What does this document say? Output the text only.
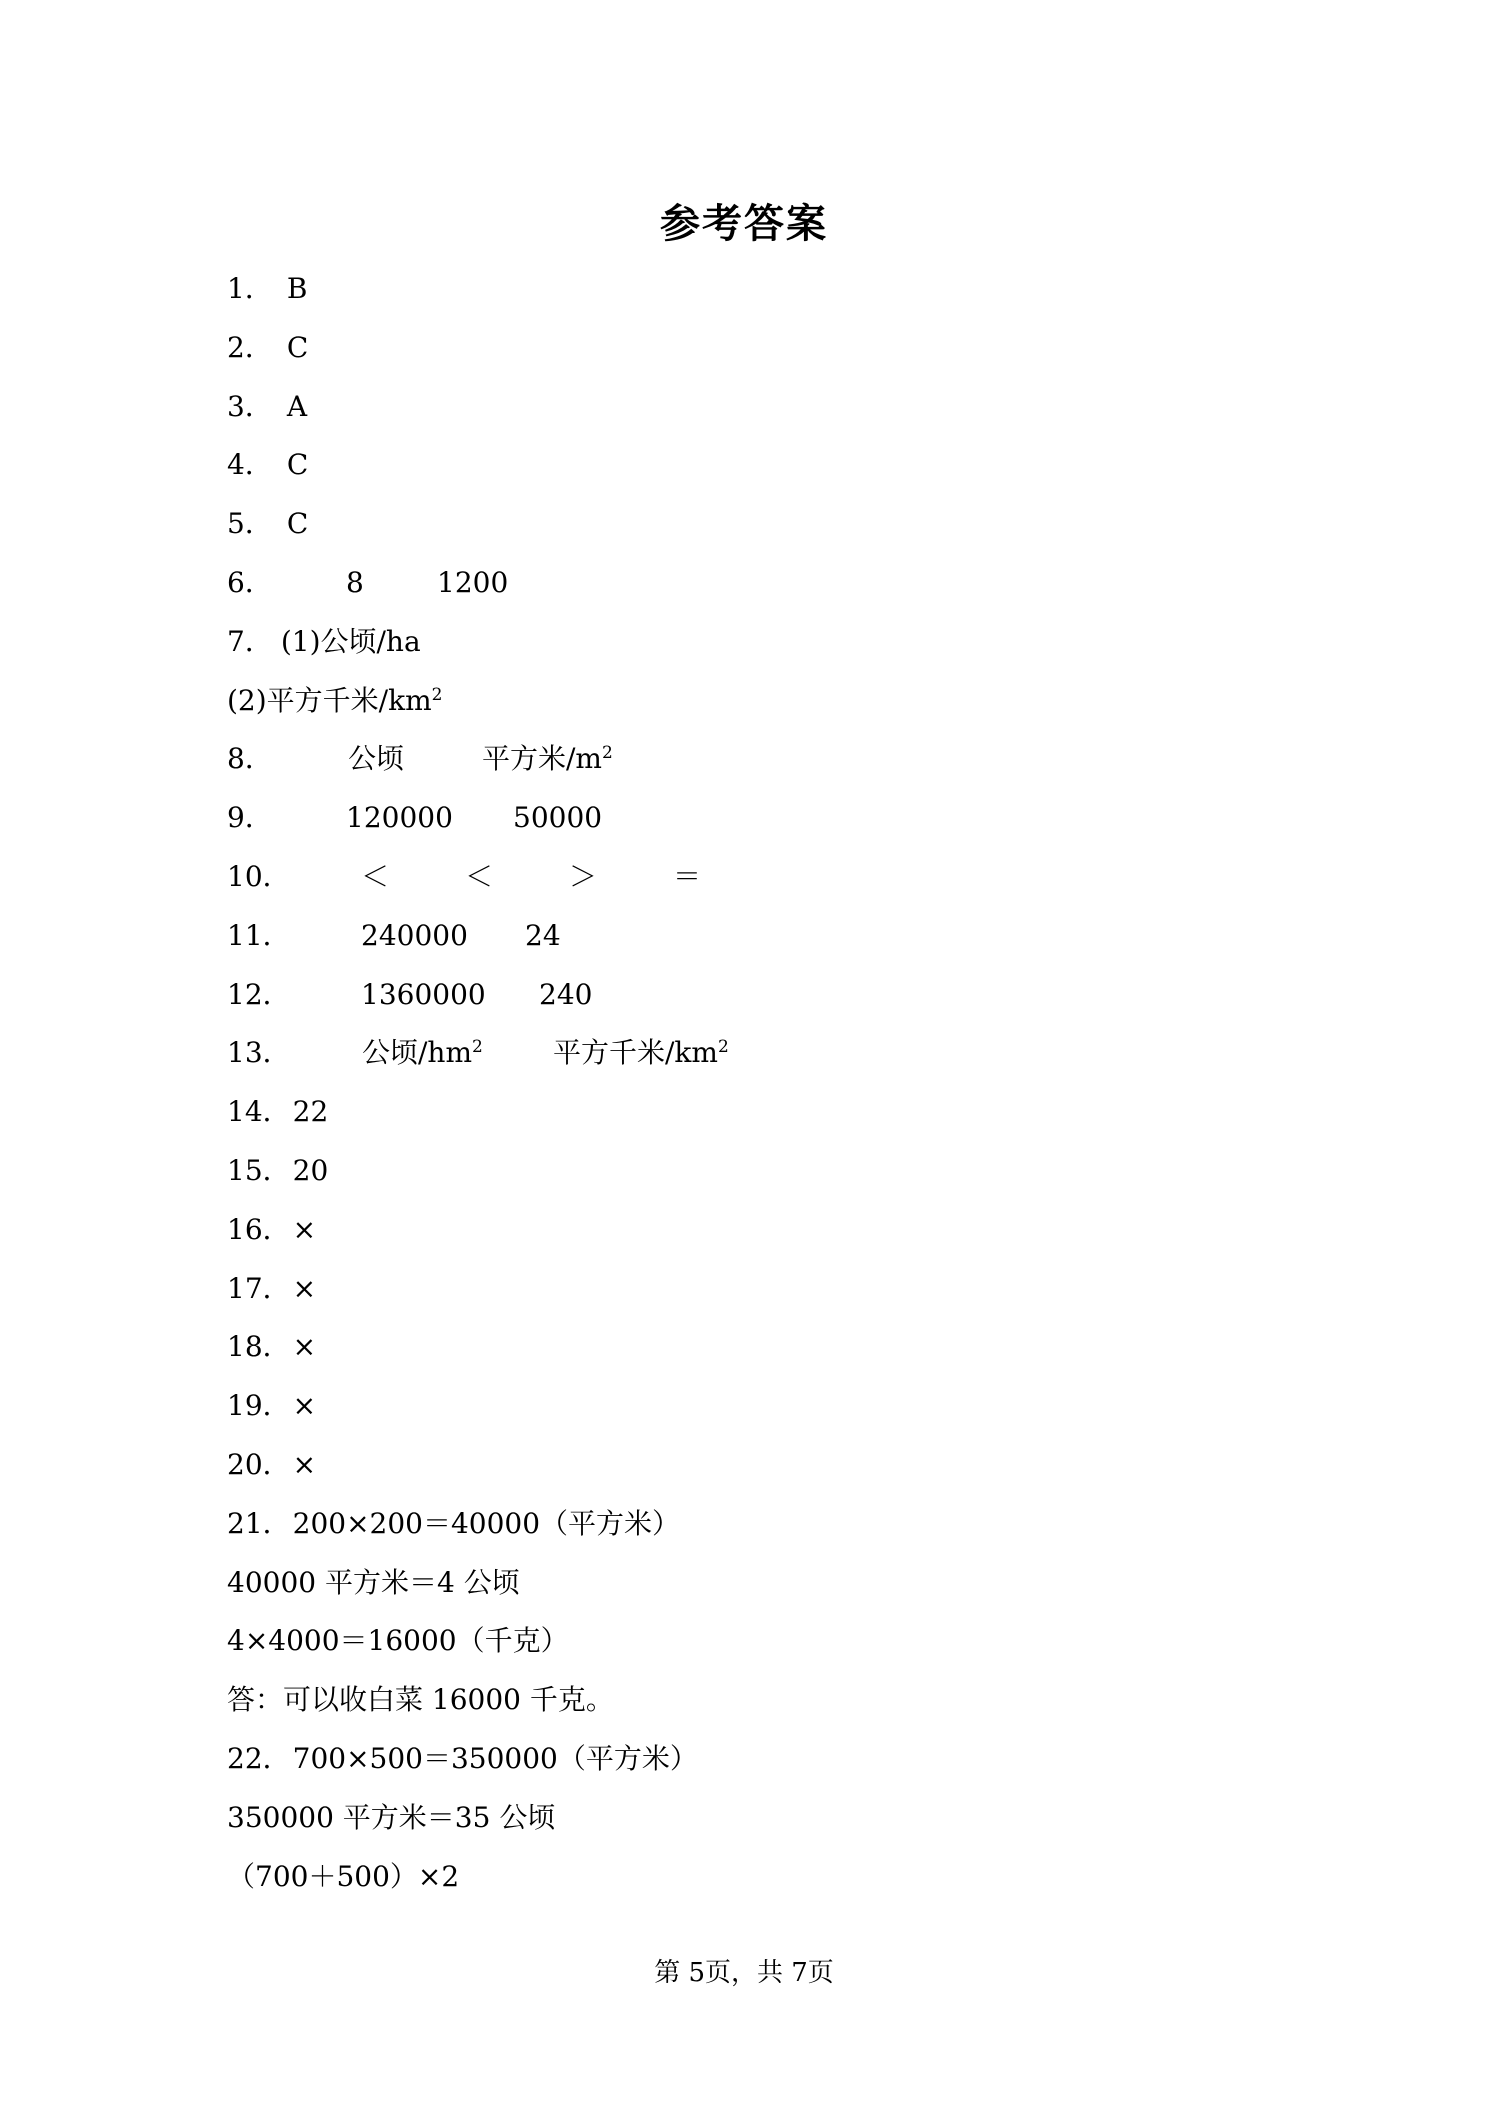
参考答案
1． B
2． C
3． A
4． C
5． C
6．	8	1200
7． (1)公顷/ha
(2)平方千米$/km^2$
8．	公顷	平方米$/m^2$
9．	120000 50000
10．	＜	＜	＞	＝
11．	240000 24
12．	1360000 240
13．	公顷$/hm^2$	平方千米$/km^2$
14．22
15．20
16．×
17．×
18．×
19．×
20．×
21．200×200＝40000（平方米）
40000 平方米＝4 公顷
4×4000＝16000（千克）
答：可以收白菜 16000 千克。
22．700×500＝350000（平方米）
350000 平方米＝35 公顷
（700＋500）×2
第 5页，共 7页
